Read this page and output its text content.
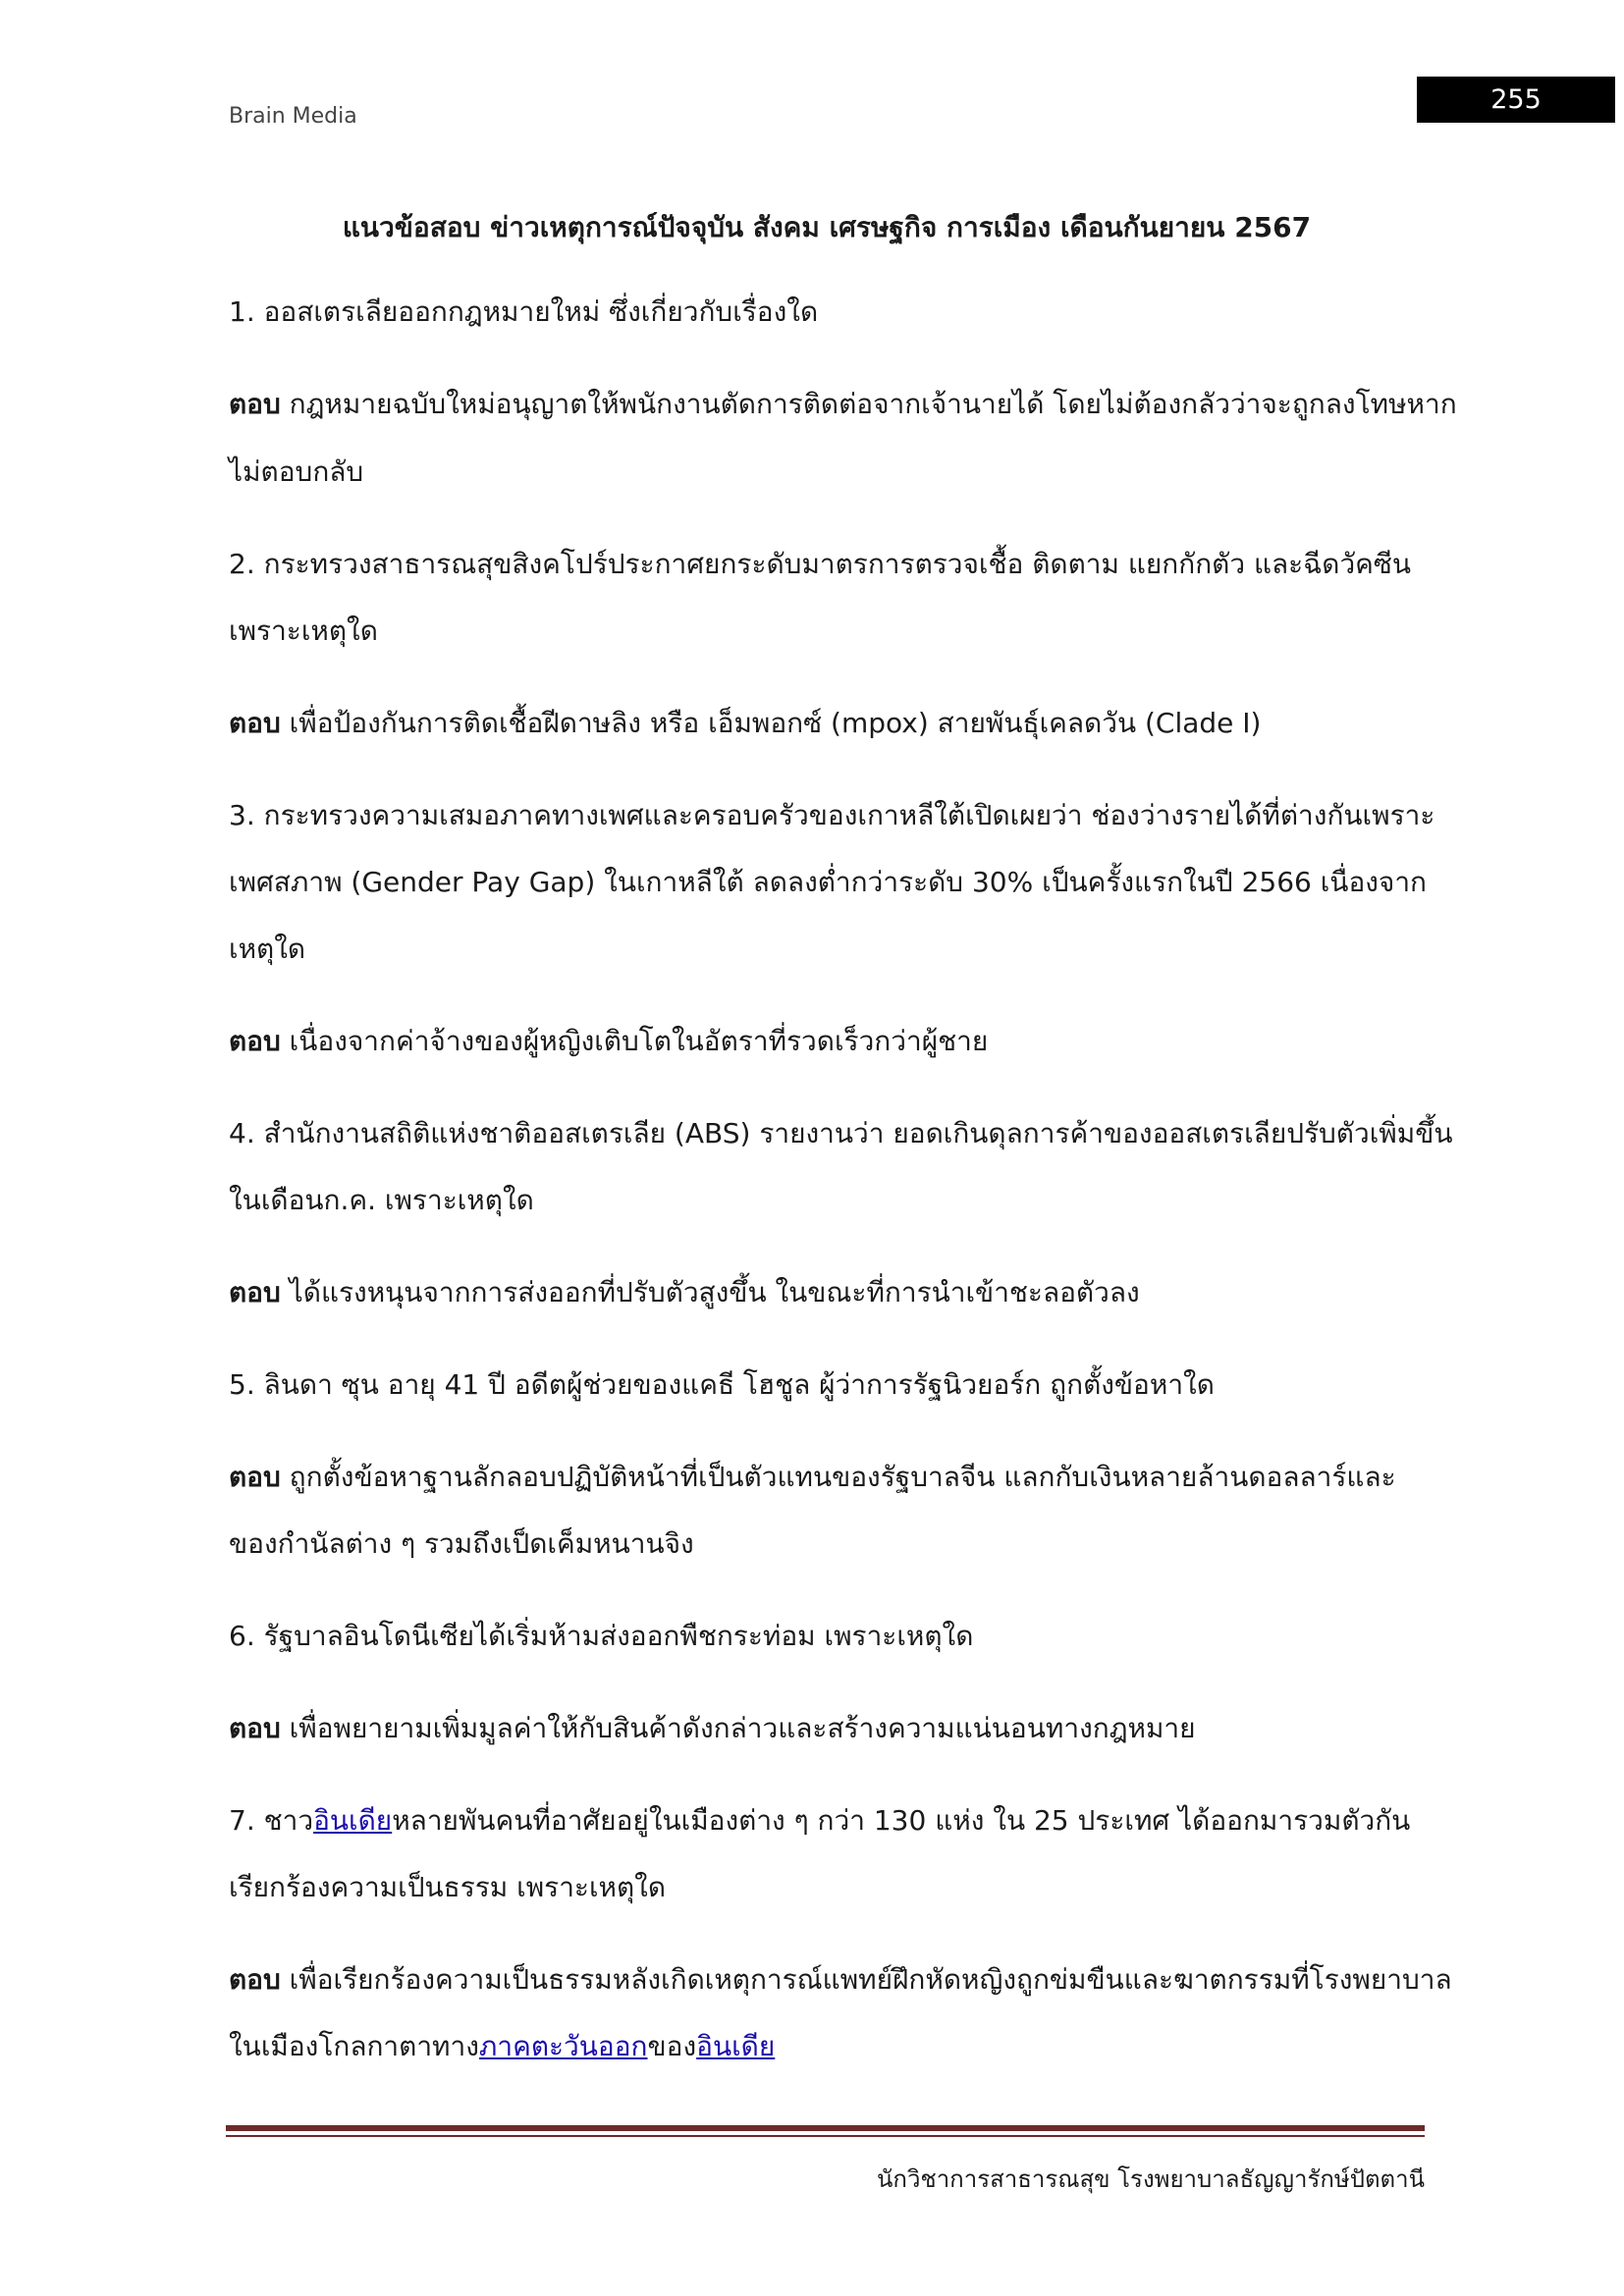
Brain Media
255
แนวข้อสอบ ข่าวเหตุการณ์ปัจจุบัน สังคม เศรษฐกิจ การเมือง เดือนกันยายน 2567
1. ออสเตรเลียออกกฎหมายใหม่ ซึ่งเกี่ยวกับเรื่องใด
ตอบ กฎหมายฉบับใหม่อนุญาตให้พนักงานตัดการติดต่อจากเจ้านายได้ โดยไม่ต้องกลัวว่าจะถูกลงโทษหาก
ไม่ตอบกลับ
2. กระทรวงสาธารณสุขสิงคโปร์ประกาศยกระดับมาตรการตรวจเชื้อ ติดตาม แยกกักตัว และฉีดวัคซีน
เพราะเหตุใด
ตอบ เพื่อป้องกันการติดเชื้อฝีดาษลิง หรือ เอ็มพอกซ์ (mpox) สายพันธุ์เคลดวัน (Clade I)
3. กระทรวงความเสมอภาคทางเพศและครอบครัวของเกาหลีใต้เปิดเผยว่า ช่องว่างรายได้ที่ต่างกันเพราะ
เพศสภาพ (Gender Pay Gap) ในเกาหลีใต้ ลดลงต่ำกว่าระดับ 30% เป็นครั้งแรกในปี 2566 เนื่องจาก
เหตุใด
ตอบ เนื่องจากค่าจ้างของผู้หญิงเติบโตในอัตราที่รวดเร็วกว่าผู้ชาย
4. สำนักงานสถิติแห่งชาติออสเตรเลีย (ABS) รายงานว่า ยอดเกินดุลการค้าของออสเตรเลียปรับตัวเพิ่มขึ้น
ในเดือนก.ค. เพราะเหตุใด
ตอบ ได้แรงหนุนจากการส่งออกที่ปรับตัวสูงขึ้น ในขณะที่การนำเข้าชะลอตัวลง
5. ลินดา ซุน อายุ 41 ปี อดีตผู้ช่วยของแคธี โฮชูล ผู้ว่าการรัฐนิวยอร์ก ถูกตั้งข้อหาใด
ตอบ ถูกตั้งข้อหาฐานลักลอบปฏิบัติหน้าที่เป็นตัวแทนของรัฐบาลจีน แลกกับเงินหลายล้านดอลลาร์และ
ของกำนัลต่าง ๆ รวมถึงเป็ดเค็มหนานจิง
6. รัฐบาลอินโดนีเซียได้เริ่มห้ามส่งออกพืชกระท่อม เพราะเหตุใด
ตอบ เพื่อพยายามเพิ่มมูลค่าให้กับสินค้าดังกล่าวและสร้างความแน่นอนทางกฎหมาย
7. ชาวอินเดียหลายพันคนที่อาศัยอยู่ในเมืองต่าง ๆ กว่า 130 แห่ง ใน 25 ประเทศ ได้ออกมารวมตัวกัน
เรียกร้องความเป็นธรรม เพราะเหตุใด
ตอบ เพื่อเรียกร้องความเป็นธรรมหลังเกิดเหตุการณ์แพทย์ฝึกหัดหญิงถูกข่มขืนและฆาตกรรมที่โรงพยาบาล
ในเมืองโกลกาตาทางภาคตะวันออกของอินเดีย
นักวิชาการสาธารณสุข โรงพยาบาลธัญญารักษ์ปัตตานี
